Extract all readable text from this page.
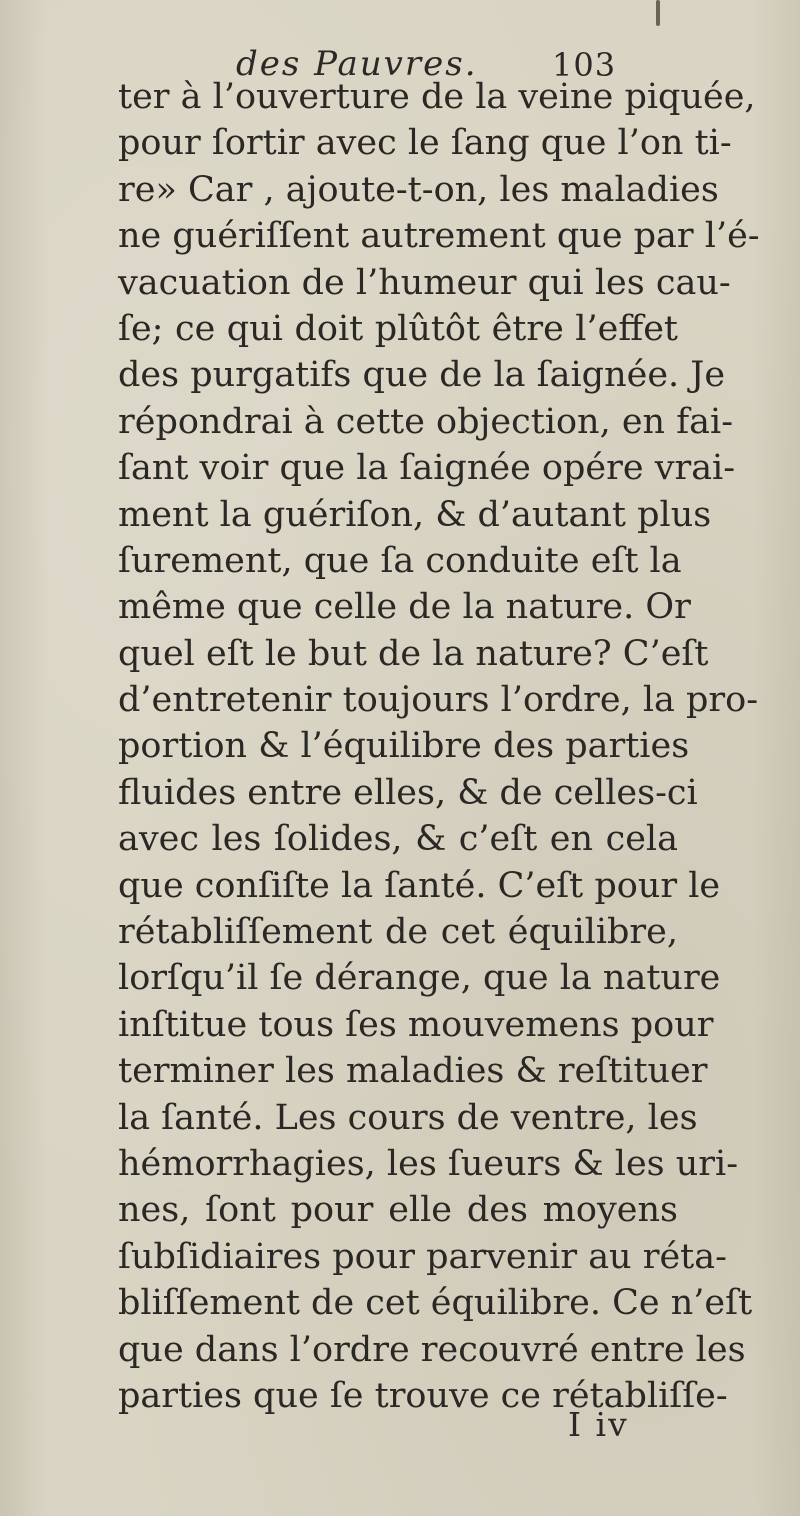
des Pauvres. 103
ter à l’ouverture de la veine piquée,
pour ſortir avec le ſang que l’on ti-
re» Car , ajoute-t-on, les maladies
ne guériſſent autrement que par l’é-
vacuation de l’humeur qui les cau-
ſe; ce qui doit plûtôt être l’effet
des purgatifs que de la ſaignée. Je
répondrai à cette objection, en fai-
ſant voir que la ſaignée opére vrai-
ment la guériſon, & d’autant plus
ſurement, que ſa conduite eſt la
même que celle de la nature. Or
quel eſt le but de la nature? C’eſt
d’entretenir toujours l’ordre, la pro-
portion & l’équilibre des parties
fluides entre elles, & de celles-ci
avec les ſolides, & c’eſt en cela
que conſiſte la ſanté. C’eſt pour le
rétabliſſement de cet équilibre,
lorſqu’il ſe dérange, que la nature
inſtitue tous ſes mouvemens pour
terminer les maladies & reſtituer
la ſanté. Les cours de ventre, les
hémorrhagies, les ſueurs & les uri-
nes, ſont pour elle des moyens
ſubſidiaires pour parvenir au réta-
bliſſement de cet équilibre. Ce n’eſt
que dans l’ordre recouvré entre les
parties que ſe trouve ce rétabliſſe-
I iv
